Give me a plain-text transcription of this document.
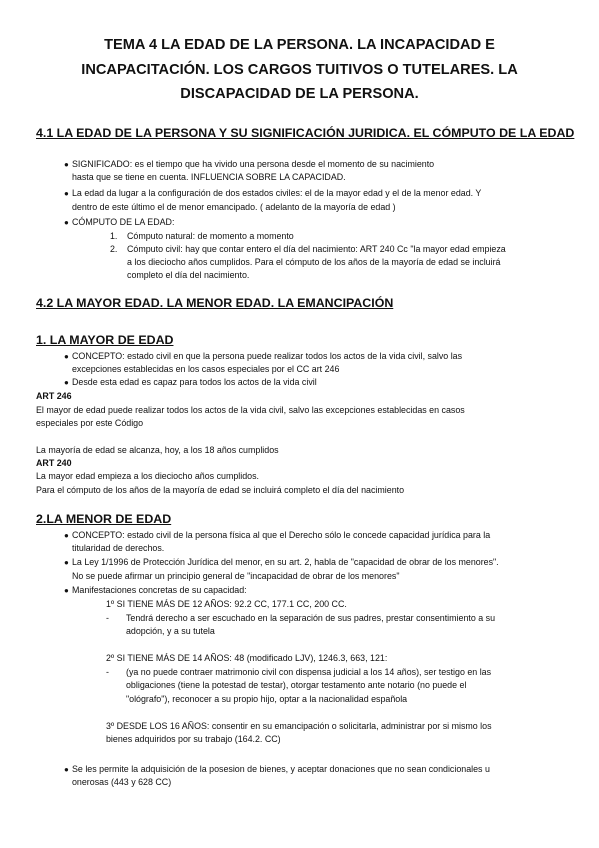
TEMA 4 LA EDAD DE LA PERSONA. LA INCAPACIDAD E
INCAPACITACIÓN. LOS CARGOS TUITIVOS O TUTELARES. LA
DISCAPACIDAD DE LA PERSONA.
4.1 LA EDAD DE LA PERSONA Y SU SIGNIFICACIÓN JURIDICA. EL CÓMPUTO DE LA EDAD
● SIGNIFICADO: es el tiempo que ha vivido una persona desde el momento de su nacimiento
hasta que se tiene en cuenta. INFLUENCIA SOBRE LA CAPACIDAD.
● La edad da lugar a la configuración de dos estados civiles: el de la mayor edad y el de la menor edad. Y
dentro de este último el de menor emancipado. ( adelanto de la mayoría de edad )
● CÓMPUTO DE LA EDAD:
1. Cómputo natural: de momento a momento
2. Cómputo civil: hay que contar entero el día del nacimiento: ART 240 Cc "la mayor edad empieza
a los dieciocho años cumplidos. Para el cómputo de los años de la mayoría de edad se incluirá
completo el día del nacimiento.
4.2 LA MAYOR EDAD. LA MENOR EDAD. LA EMANCIPACIÓN
1. LA MAYOR DE EDAD
● CONCEPTO: estado civil en que la persona puede realizar todos los actos de la vida civil, salvo las
excepciones establecidas en los casos especiales por el CC art 246
● Desde esta edad es capaz para todos los actos de la vida civil
ART 246
El mayor de edad puede realizar todos los actos de la vida civil, salvo las excepciones establecidas en casos
especiales por este Código
La mayoría de edad se alcanza, hoy, a los 18 años cumplidos
ART 240
La mayor edad empieza a los dieciocho años cumplidos.
Para el cómputo de los años de la mayoría de edad se incluirá completo el día del nacimiento
2.LA MENOR DE EDAD
● CONCEPTO: estado civil de la persona física al que el Derecho sólo le concede capacidad jurídica para la
titularidad de derechos.
● La Ley 1/1996 de Protección Jurídica del menor, en su art. 2, habla de "capacidad de obrar de los menores".
No se puede afirmar un principio general de "incapacidad de obrar de los menores"
● Manifestaciones concretas de su capacidad:
1º SI TIENE MÁS DE 12 AÑOS: 92.2 CC, 177.1 CC, 200 CC.
- Tendrá derecho a ser escuchado en la separación de sus padres, prestar consentimiento a su
adopción, y a su tutela
2º SI TIENE MÁS DE 14 AÑOS: 48 (modificado LJV), 1246.3, 663, 121:
- (ya no puede contraer matrimonio civil con dispensa judicial a los 14 años), ser testigo en las
obligaciones (tiene la potestad de testar), otorgar testamento ante notario (no puede el
"ológrafo"), reconocer a su propio hijo, optar a la nacionalidad española
3º DESDE LOS 16 AÑOS: consentir en su emancipación o solicitarla, administrar por si mismo los
bienes adquiridos por su trabajo (164.2. CC)
● Se les permite la adquisición de la posesion de bienes, y aceptar donaciones que no sean condicionales u
onerosas (443 y 628 CC)
